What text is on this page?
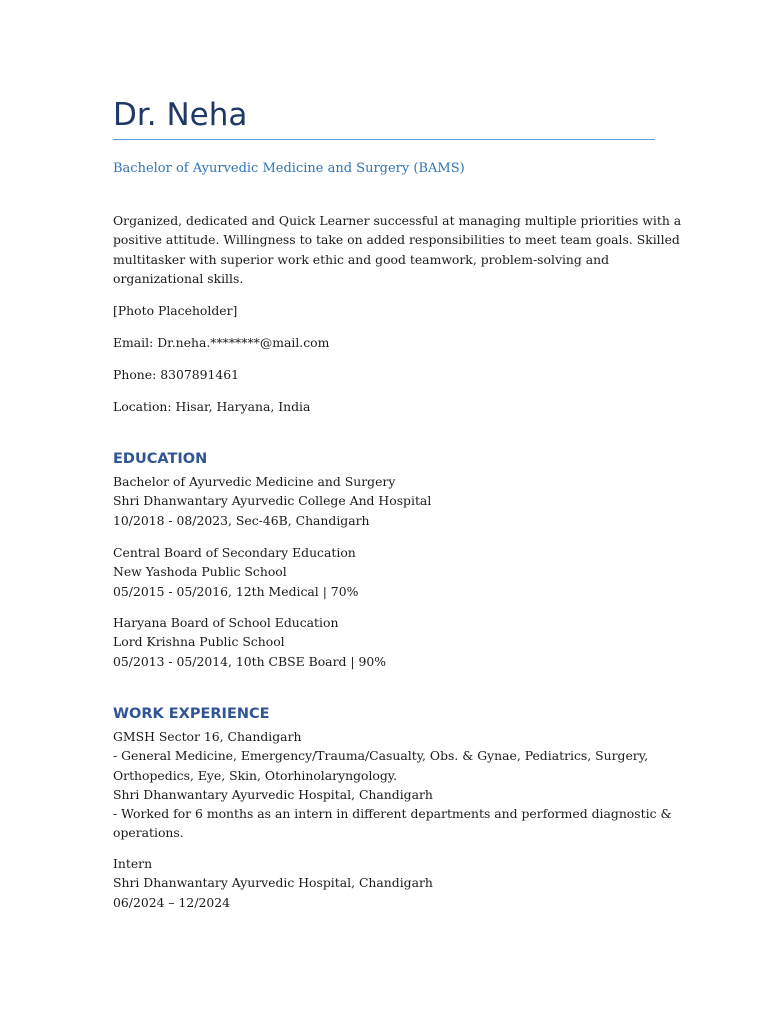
Dr. Neha
Bachelor of Ayurvedic Medicine and Surgery (BAMS)
Organized, dedicated and Quick Learner successful at managing multiple priorities with a
positive attitude. Willingness to take on added responsibilities to meet team goals. Skilled
multitasker with superior work ethic and good teamwork, problem-solving and
organizational skills.
[Photo Placeholder]
Email: Dr.neha.********@mail.com
Phone: 8307891461
Location: Hisar, Haryana, India
EDUCATION
Bachelor of Ayurvedic Medicine and Surgery
Shri Dhanwantary Ayurvedic College And Hospital
10/2018 - 08/2023, Sec-46B, Chandigarh
Central Board of Secondary Education
New Yashoda Public School
05/2015 - 05/2016, 12th Medical | 70%
Haryana Board of School Education
Lord Krishna Public School
05/2013 - 05/2014, 10th CBSE Board | 90%
WORK EXPERIENCE
GMSH Sector 16, Chandigarh
- General Medicine, Emergency/Trauma/Casualty, Obs. & Gynae, Pediatrics, Surgery,
Orthopedics, Eye, Skin, Otorhinolaryngology.
Shri Dhanwantary Ayurvedic Hospital, Chandigarh
- Worked for 6 months as an intern in different departments and performed diagnostic &
operations.
Intern
Shri Dhanwantary Ayurvedic Hospital, Chandigarh
06/2024 – 12/2024
